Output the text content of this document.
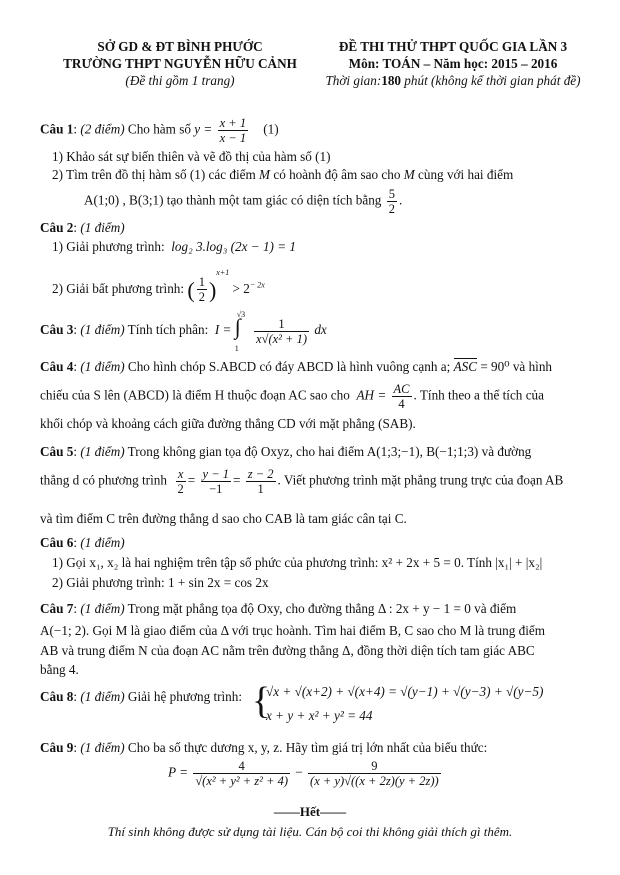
SỞ GD & ĐT BÌNH PHƯỚC
TRƯỜNG THPT NGUYỄN HỮU CẢNH
(Đề thi gồm 1 trang)
ĐỀ THI THỬ THPT QUỐC GIA LẦN 3
Môn: TOÁN – Năm học: 2015 – 2016
Thời gian:180 phút (không kể thời gian phát đề)
Câu 1: (2 điểm) Cho hàm số $y = \frac{x + 1}{x - 1} (1)$
1) Khảo sát sự biến thiên và vẽ đồ thị của hàm số (1)
2) Tìm trên đồ thị hàm số (1) các điểm M có hoành độ âm sao cho M cùng với hai điểm
A(1;0) , B(3;1) tạo thành một tam giác có diện tích bằng $\frac{5}{2}$ .
Câu 2: (1 điểm)
1) Giải phương trình: log₂ 3.log₃ (2x − 1) = 1
2) Giải bất phương trình: ( $\frac{1}{2} )^{x+1} > 2^{- 2x}$
Câu 3: (1 điểm) Tính tích phân: I =
√3
∫
1

$\frac{1}{\text{x√(x² + 1)}}$ dx
Câu 4: (1 điểm) Cho hình chóp S.ABCD có đáy ABCD là hình vuông cạnh a; ASC = 90⁰ và hình
chiếu của S lên (ABCD) là điểm H thuộc đoạn AC sao cho AH = $\frac{AC}{4}$ . Tính theo a thể tích của
khối chóp và khoảng cách giữa đường thẳng CD với mặt phẳng (SAB).
Câu 5: (1 điểm) Trong không gian tọa độ Oxyz, cho hai điểm A(1;3;−1), B(−1;1;3) và đường
thẳng d có phương trình $\frac{x}{2} = \frac{y - 1}{-1} = \frac{z - 2}{1}$ . Viết phương trình mặt phẳng trung trực của đoạn AB
và tìm điểm C trên đường thẳng d sao cho CAB là tam giác cân tại C.
Câu 6: (1 điểm)
1) Gọi x₁, x₂ là hai nghiệm trên tập số phức của phương trình: x² + 2x + 5 = 0. Tính |x₁| + |x₂|
2) Giải phương trình: 1 + sin 2x = cos 2x
Câu 7: (1 điểm) Trong mặt phẳng tọa độ Oxy, cho đường thẳng Δ : 2x + y − 1 = 0 và điểm
A(−1; 2). Gọi M là giao điểm của Δ với trục hoành. Tìm hai điểm B, C sao cho M là trung điểm
AB và trung điểm N của đoạn AC nằm trên đường thẳng Δ, đồng thời diện tích tam giác ABC
bằng 4.
Câu 8: (1 điểm) Giải hệ phương trình: {
√x + √(x+2) + √(x+4) = √(y−1) + √(y−3) + √(y−5)
x + y + x² + y² = 44
Câu 9: (1 điểm) Cho ba số thực dương x, y, z. Hãy tìm giá trị lớn nhất của biểu thức:
$P = \frac{4}{\text{√(x² + y² + z² + 4)}} - \frac{9}{(x + y)√((x + 2z)(y + 2z))}$
——Hết——
Thí sinh không được sử dụng tài liệu. Cán bộ coi thi không giải thích gì thêm.
